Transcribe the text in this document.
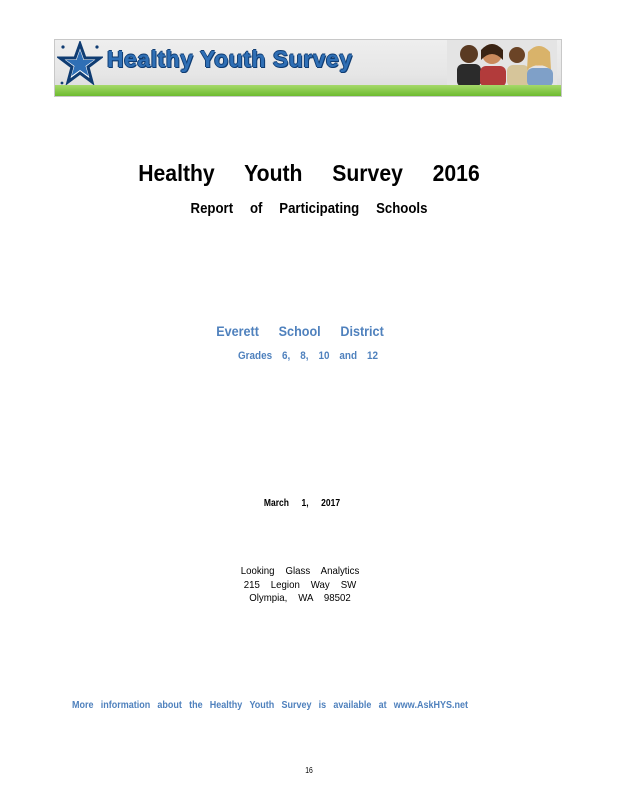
Healthy Youth Survey
Healthy Youth Survey 2016
Report of Participating Schools
Everett School District
Grades 6, 8, 10 and 12
March 1, 2017
Looking Glass Analytics
215 Legion Way SW
Olympia, WA 98502
More information about the Healthy Youth Survey is available at www.AskHYS.net
16
